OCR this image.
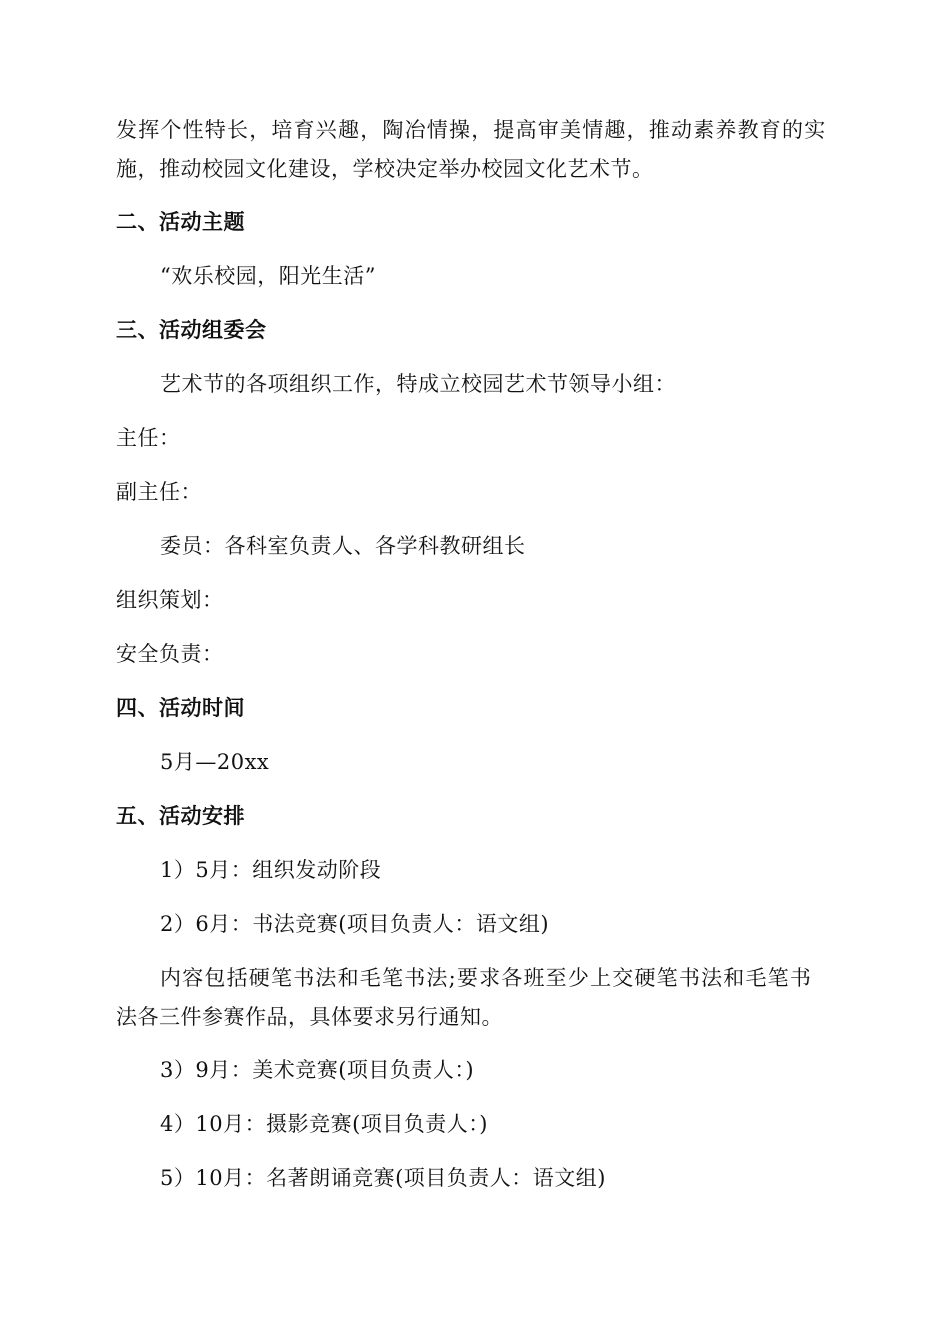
发挥个性特长，培育兴趣，陶冶情操，提高审美情趣，推动素养教育的实
施，推动校园文化建设，学校决定举办校园文化艺术节。
二、活动主题
“欢乐校园，阳光生活”
三、活动组委会
艺术节的各项组织工作，特成立校园艺术节领导小组：
主任：
副主任：
委员：各科室负责人、各学科教研组长
组织策划：
安全负责：
四、活动时间
5月—20xx
五、活动安排
1）5月：组织发动阶段
2）6月：书法竞赛(项目负责人：语文组)
内容包括硬笔书法和毛笔书法;要求各班至少上交硬笔书法和毛笔书
法各三件参赛作品，具体要求另行通知。
3）9月：美术竞赛(项目负责人：)
4）10月：摄影竞赛(项目负责人：)
5）10月：名著朗诵竞赛(项目负责人：语文组)
